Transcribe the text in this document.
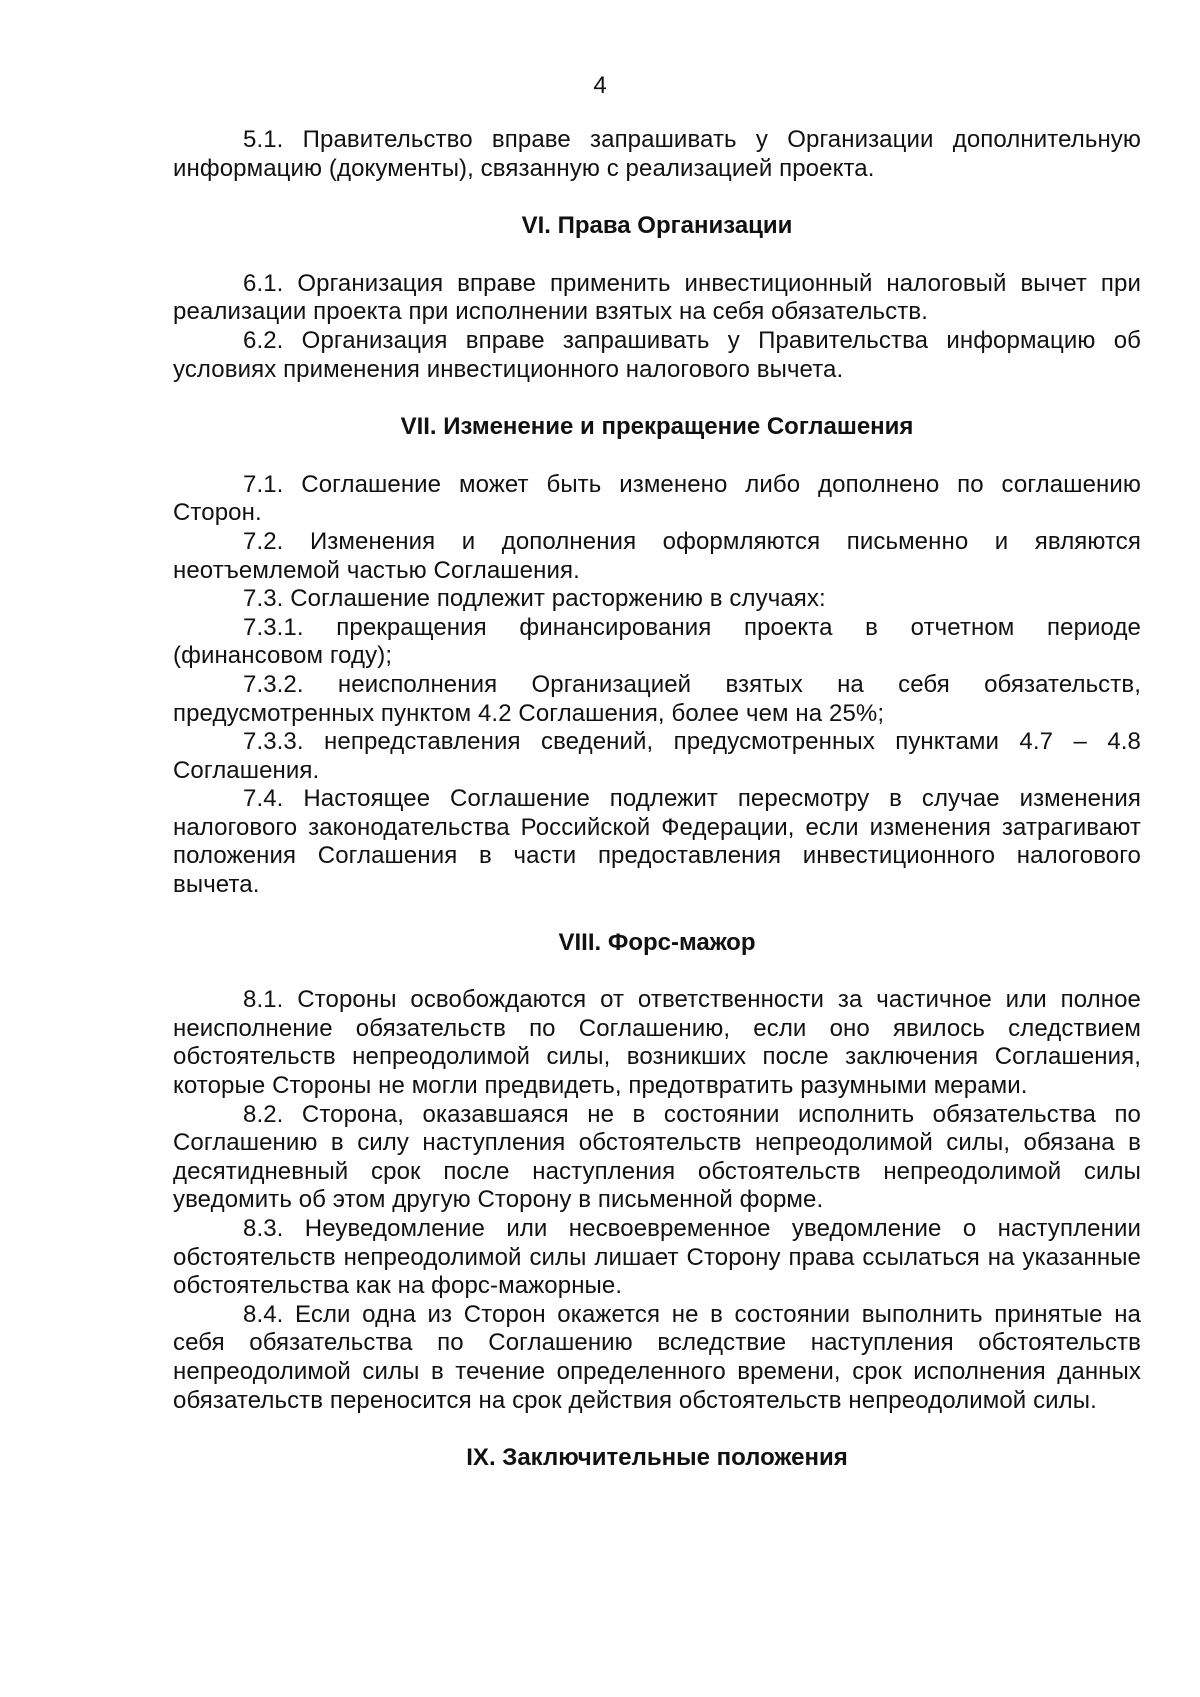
4

5.1. Правительство вправе запрашивать у Организации дополнительную информацию (документы), связанную с реализацией проекта.

VI. Права Организации

6.1. Организация вправе применить инвестиционный налоговый вычет при реализации проекта при исполнении взятых на себя обязательств.

6.2. Организация вправе запрашивать у Правительства информацию об условиях применения инвестиционного налогового вычета.

VII. Изменение и прекращение Соглашения

7.1. Соглашение может быть изменено либо дополнено по соглашению Сторон.

7.2. Изменения и дополнения оформляются письменно и являются неотъемлемой частью Соглашения.

7.3. Соглашение подлежит расторжению в случаях:

7.3.1. прекращения финансирования проекта в отчетном периоде (финансовом году);

7.3.2. неисполнения Организацией взятых на себя обязательств, предусмотренных пунктом 4.2 Соглашения, более чем на 25%;

7.3.3. непредставления сведений, предусмотренных пунктами 4.7 – 4.8 Соглашения.

7.4. Настоящее Соглашение подлежит пересмотру в случае изменения налогового законодательства Российской Федерации, если изменения затрагивают положения Соглашения в части предоставления инвестиционного налогового вычета.

VIII. Форс-мажор

8.1. Стороны освобождаются от ответственности за частичное или полное неисполнение обязательств по Соглашению, если оно явилось следствием обстоятельств непреодолимой силы, возникших после заключения Соглашения, которые Стороны не могли предвидеть, предотвратить разумными мерами.

8.2. Сторона, оказавшаяся не в состоянии исполнить обязательства по Соглашению в силу наступления обстоятельств непреодолимой силы, обязана в десятидневный срок после наступления обстоятельств непреодолимой силы уведомить об этом другую Сторону в письменной форме.

8.3. Неуведомление или несвоевременное уведомление о наступлении обстоятельств непреодолимой силы лишает Сторону права ссылаться на указанные обстоятельства как на форс-мажорные.

8.4. Если одна из Сторон окажется не в состоянии выполнить принятые на себя обязательства по Соглашению вследствие наступления обстоятельств непреодолимой силы в течение определенного времени, срок исполнения данных обязательств переносится на срок действия обстоятельств непреодолимой силы.

IX. Заключительные положения
